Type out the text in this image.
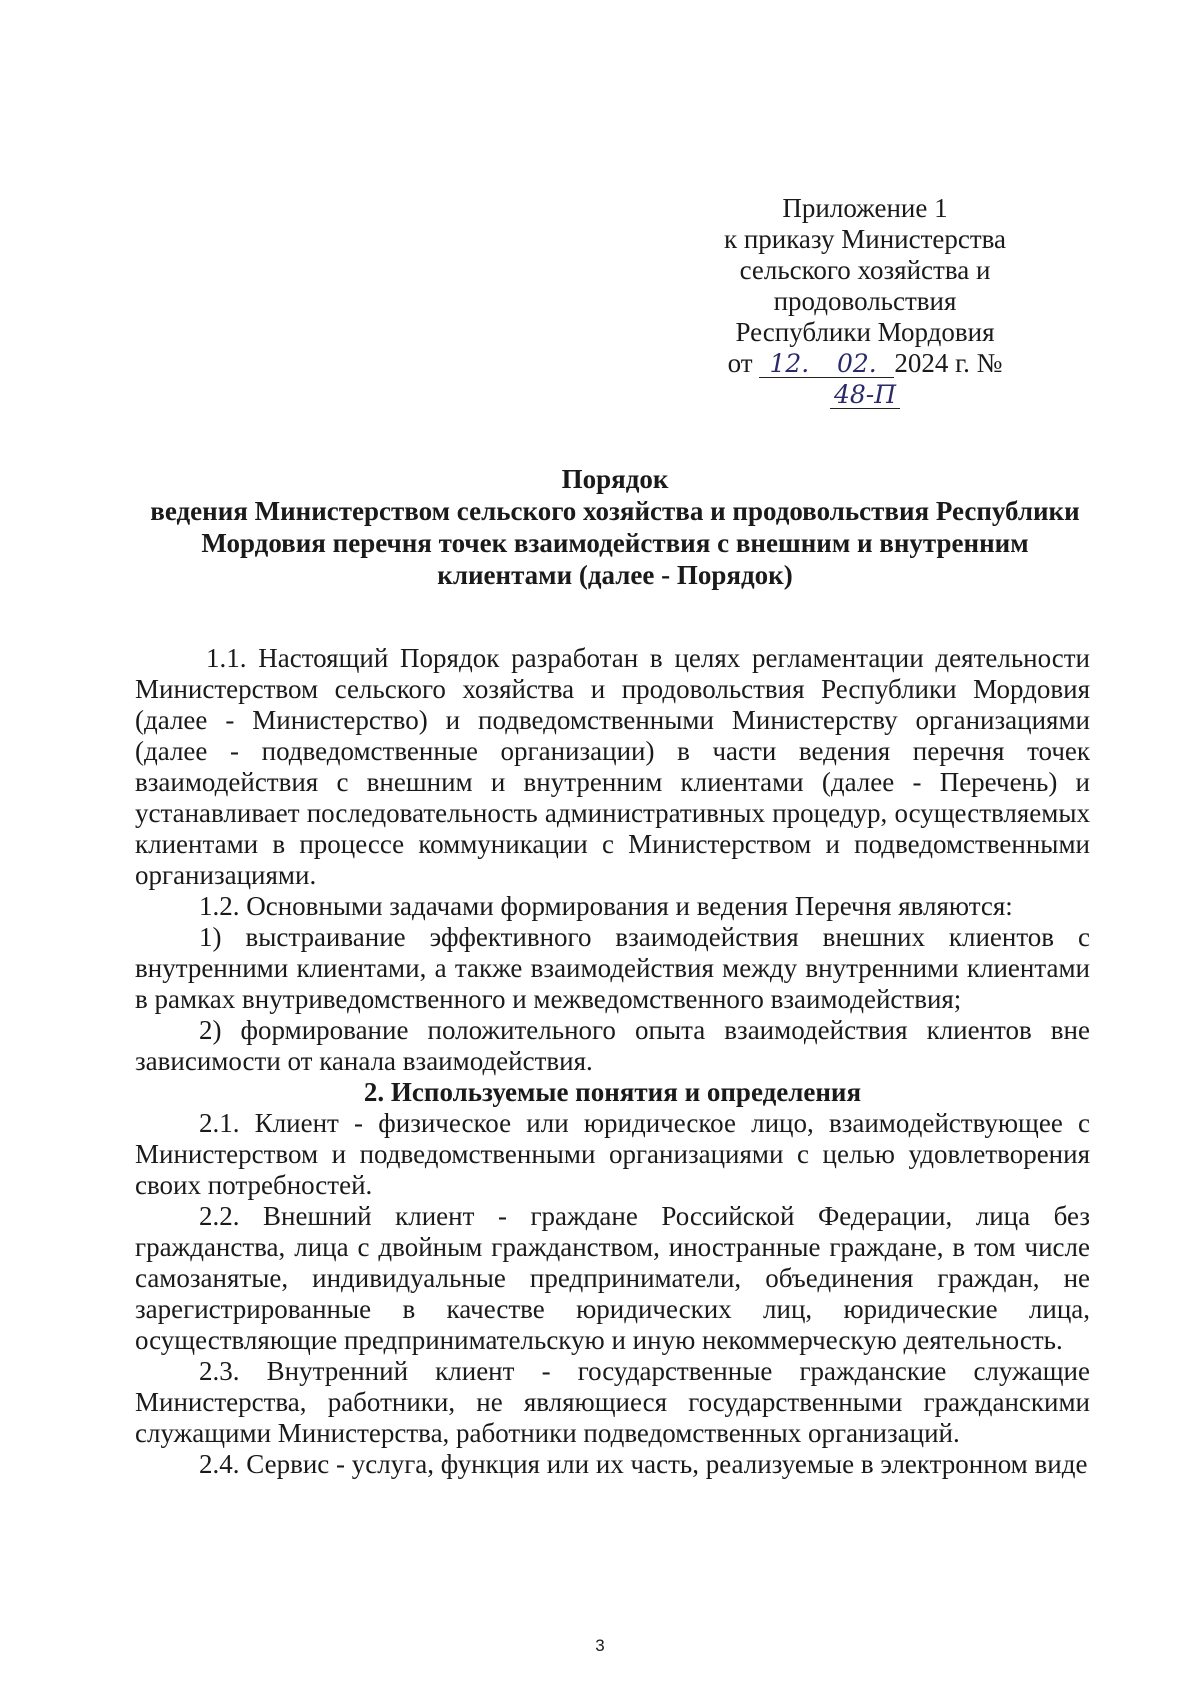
Приложение 1
к приказу Министерства
сельского хозяйства и
продовольствия
Республики Мордовия
от 12. 02. 2024 г. № 48-П
Порядок
ведения Министерством сельского хозяйства и продовольствия Республики
Мордовия перечня точек взаимодействия с внешним и внутренним
клиентами (далее - Порядок)

1.1. Настоящий Порядок разработан в целях регламентации деятельности Министерством сельского хозяйства и продовольствия Республики Мордовия (далее - Министерство) и подведомственными Министерству организациями (далее - подведомственные организации) в части ведения перечня точек взаимодействия с внешним и внутренним клиентами (далее - Перечень) и устанавливает последовательность административных процедур, осуществляемых клиентами в процессе коммуникации с Министерством и подведомственными организациями.

1.2. Основными задачами формирования и ведения Перечня являются:

1) выстраивание эффективного взаимодействия внешних клиентов с внутренними клиентами, а также взаимодействия между внутренними клиентами в рамках внутриведомственного и межведомственного взаимодействия;

2) формирование положительного опыта взаимодействия клиентов вне зависимости от канала взаимодействия.

2. Используемые понятия и определения

2.1. Клиент - физическое или юридическое лицо, взаимодействующее с Министерством и подведомственными организациями с целью удовлетворения своих потребностей.

2.2. Внешний клиент - граждане Российской Федерации, лица без гражданства, лица с двойным гражданством, иностранные граждане, в том числе самозанятые, индивидуальные предприниматели, объединения граждан, не зарегистрированные в качестве юридических лиц, юридические лица, осуществляющие предпринимательскую и иную некоммерческую деятельность.

2.3. Внутренний клиент - государственные гражданские служащие Министерства, работники, не являющиеся государственными гражданскими служащими Министерства, работники подведомственных организаций.

2.4. Сервис - услуга, функция или их часть, реализуемые в электронном виде

3
